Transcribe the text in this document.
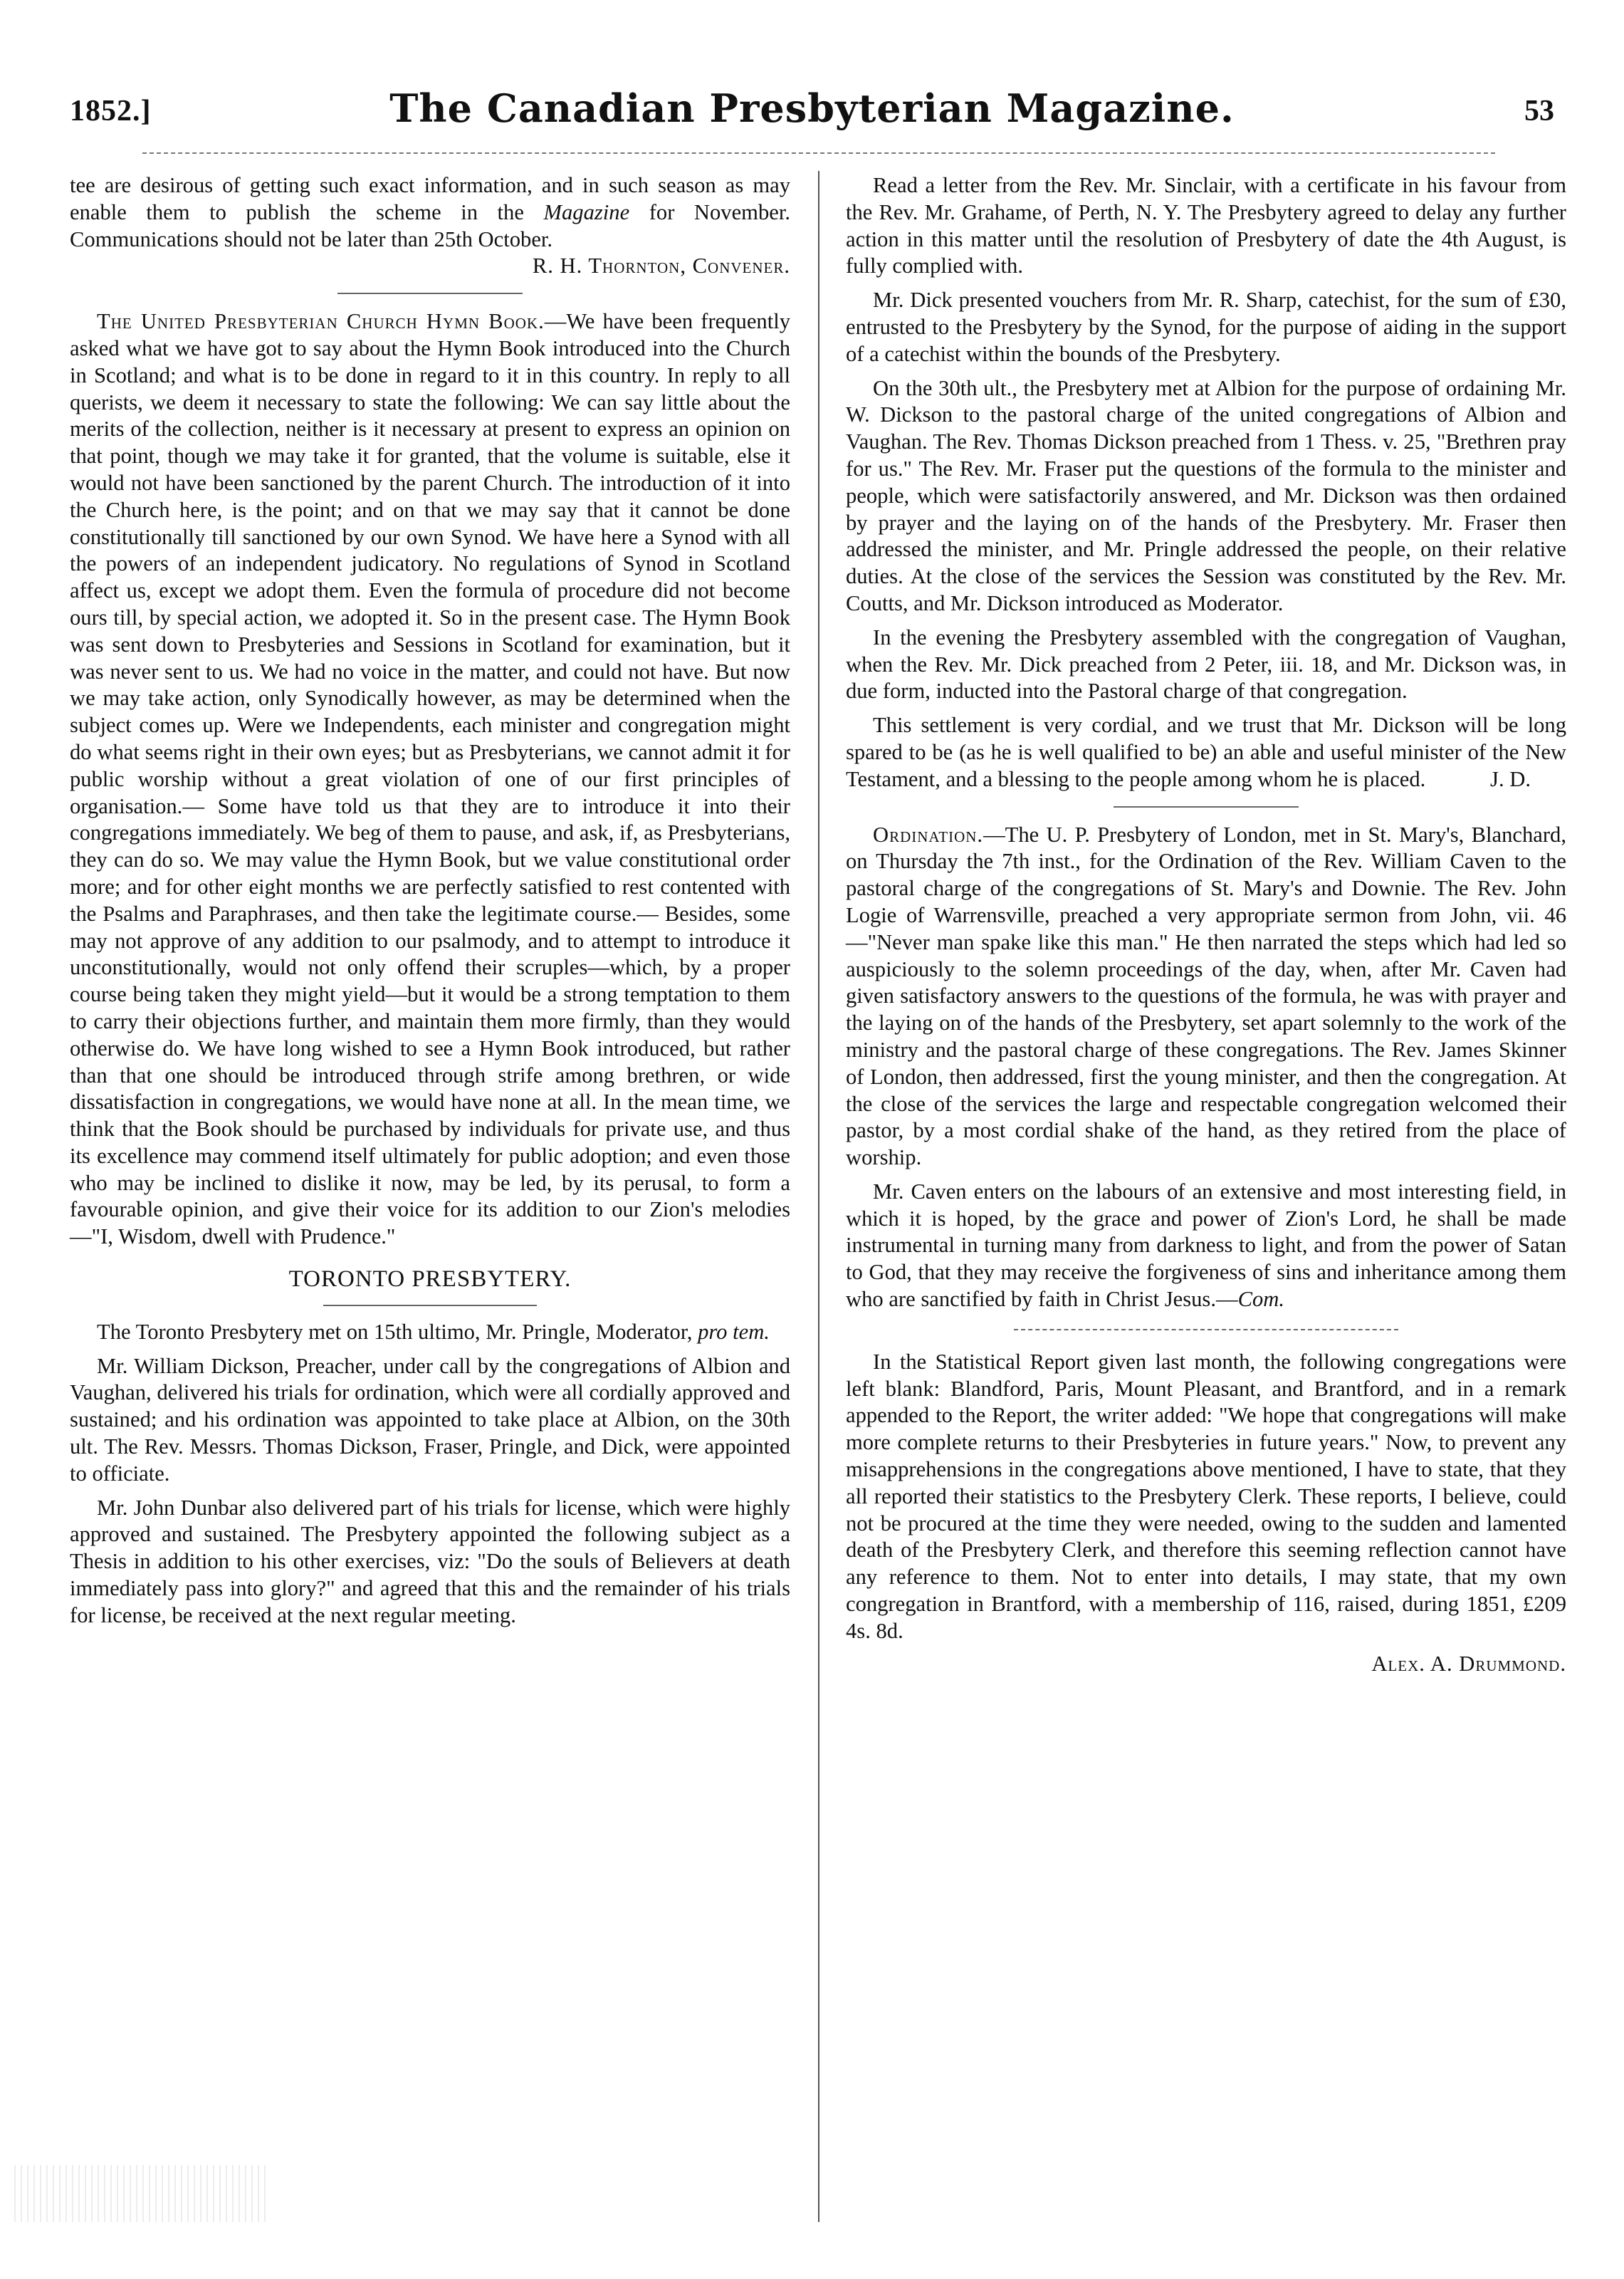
1852.]	The Canadian Presbyterian Magazine.	53

tee are desirous of getting such exact information, and in such season as may enable them to publish the scheme in the Magazine for November. Communications should not be later than 25th October.

R. H. Thornton, Convener.

The United Presbyterian Church Hymn Book.—We have been frequently asked what we have got to say about the Hymn Book introduced into the Church in Scotland; and what is to be done in regard to it in this country. In reply to all querists, we deem it necessary to state the following: We can say little about the merits of the collection, neither is it necessary at present to express an opinion on that point, though we may take it for granted, that the volume is suitable, else it would not have been sanctioned by the parent Church. The introduction of it into the Church here, is the point; and on that we may say that it cannot be done constitutionally till sanctioned by our own Synod. We have here a Synod with all the powers of an independent judicatory. No regulations of Synod in Scotland affect us, except we adopt them. Even the formula of procedure did not become ours till, by special action, we adopted it. So in the present case. The Hymn Book was sent down to Presbyteries and Sessions in Scotland for examination, but it was never sent to us. We had no voice in the matter, and could not have. But now we may take action, only Synodically however, as may be determined when the subject comes up. Were we Independents, each minister and congregation might do what seems right in their own eyes; but as Presbyterians, we cannot admit it for public worship without a great violation of one of our first principles of organisation.— Some have told us that they are to introduce it into their congregations immediately. We beg of them to pause, and ask, if, as Presbyterians, they can do so. We may value the Hymn Book, but we value constitutional order more; and for other eight months we are perfectly satisfied to rest contented with the Psalms and Paraphrases, and then take the legitimate course.— Besides, some may not approve of any addition to our psalmody, and to attempt to introduce it unconstitutionally, would not only offend their scruples—which, by a proper course being taken they might yield—but it would be a strong temptation to them to carry their objections further, and maintain them more firmly, than they would otherwise do. We have long wished to see a Hymn Book introduced, but rather than that one should be introduced through strife among brethren, or wide dissatisfaction in congregations, we would have none at all. In the mean time, we think that the Book should be purchased by individuals for private use, and thus its excellence may commend itself ultimately for public adoption; and even those who may be inclined to dislike it now, may be led, by its perusal, to form a favourable opinion, and give their voice for its addition to our Zion's melodies —"I, Wisdom, dwell with Prudence."

TORONTO PRESBYTERY.

The Toronto Presbytery met on 15th ultimo, Mr. Pringle, Moderator, pro tem.

Mr. William Dickson, Preacher, under call by the congregations of Albion and Vaughan, delivered his trials for ordination, which were all cordially approved and sustained; and his ordination was appointed to take place at Albion, on the 30th ult. The Rev. Messrs. Thomas Dickson, Fraser, Pringle, and Dick, were appointed to officiate.

Mr. John Dunbar also delivered part of his trials for license, which were highly approved and sustained. The Presbytery appointed the following subject as a Thesis in addition to his other exercises, viz: "Do the souls of Believers at death immediately pass into glory?" and agreed that this and the remainder of his trials for license, be received at the next regular meeting.

Read a letter from the Rev. Mr. Sinclair, with a certificate in his favour from the Rev. Mr. Grahame, of Perth, N. Y. The Presbytery agreed to delay any further action in this matter until the resolution of Presbytery of date the 4th August, is fully complied with.

Mr. Dick presented vouchers from Mr. R. Sharp, catechist, for the sum of £30, entrusted to the Presbytery by the Synod, for the purpose of aiding in the support of a catechist within the bounds of the Presbytery.

On the 30th ult., the Presbytery met at Albion for the purpose of ordaining Mr. W. Dickson to the pastoral charge of the united congregations of Albion and Vaughan. The Rev. Thomas Dickson preached from 1 Thess. v. 25, "Brethren pray for us." The Rev. Mr. Fraser put the questions of the formula to the minister and people, which were satisfactorily answered, and Mr. Dickson was then ordained by prayer and the laying on of the hands of the Presbytery. Mr. Fraser then addressed the minister, and Mr. Pringle addressed the people, on their relative duties. At the close of the services the Session was constituted by the Rev. Mr. Coutts, and Mr. Dickson introduced as Moderator.

In the evening the Presbytery assembled with the congregation of Vaughan, when the Rev. Mr. Dick preached from 2 Peter, iii. 18, and Mr. Dickson was, in due form, inducted into the Pastoral charge of that congregation.

This settlement is very cordial, and we trust that Mr. Dickson will be long spared to be (as he is well qualified to be) an able and useful minister of the New Testament, and a blessing to the people among whom he is placed.	J. D.

Ordination.—The U. P. Presbytery of London, met in St. Mary's, Blanchard, on Thursday the 7th inst., for the Ordination of the Rev. William Caven to the pastoral charge of the congregations of St. Mary's and Downie. The Rev. John Logie of Warrensville, preached a very appropriate sermon from John, vii. 46—"Never man spake like this man." He then narrated the steps which had led so auspiciously to the solemn proceedings of the day, when, after Mr. Caven had given satisfactory answers to the questions of the formula, he was with prayer and the laying on of the hands of the Presbytery, set apart solemnly to the work of the ministry and the pastoral charge of these congregations. The Rev. James Skinner of London, then addressed, first the young minister, and then the congregation. At the close of the services the large and respectable congregation welcomed their pastor, by a most cordial shake of the hand, as they retired from the place of worship.

Mr. Caven enters on the labours of an extensive and most interesting field, in which it is hoped, by the grace and power of Zion's Lord, he shall be made instrumental in turning many from darkness to light, and from the power of Satan to God, that they may receive the forgiveness of sins and inheritance among them who are sanctified by faith in Christ Jesus.—Com.

In the Statistical Report given last month, the following congregations were left blank: Blandford, Paris, Mount Pleasant, and Brantford, and in a remark appended to the Report, the writer added: "We hope that congregations will make more complete returns to their Presbyteries in future years." Now, to prevent any misapprehensions in the congregations above mentioned, I have to state, that they all reported their statistics to the Presbytery Clerk. These reports, I believe, could not be procured at the time they were needed, owing to the sudden and lamented death of the Presbytery Clerk, and therefore this seeming reflection cannot have any reference to them. Not to enter into details, I may state, that my own congregation in Brantford, with a membership of 116, raised, during 1851, £209 4s. 8d.

Alex. A. Drummond.
